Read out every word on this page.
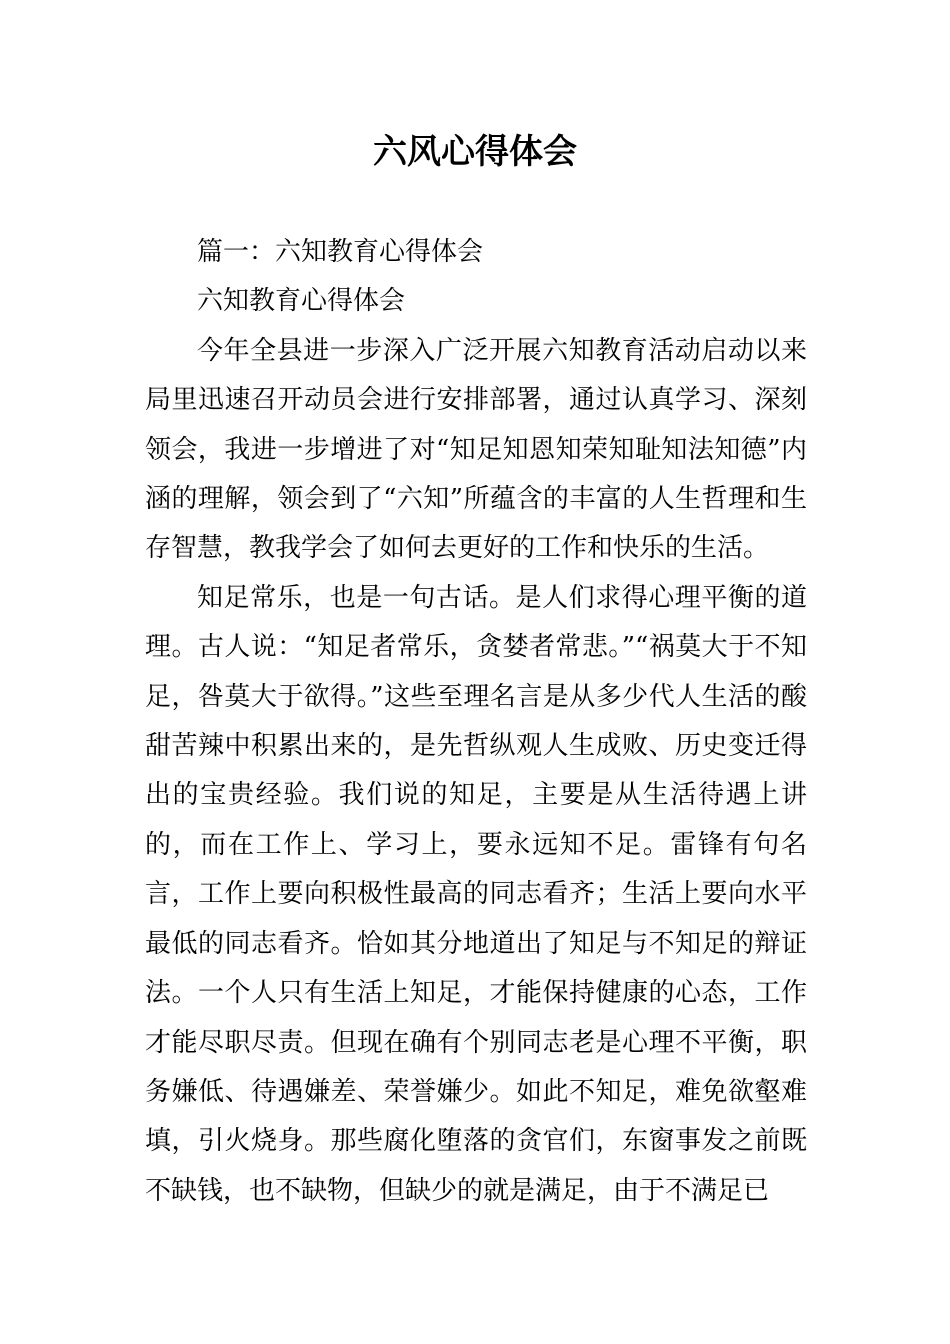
六风心得体会

篇一：六知教育心得体会

六知教育心得体会

今年全县进一步深入广泛开展六知教育活动启动以来局里迅速召开动员会进行安排部署，通过认真学习、深刻领会，我进一步增进了对“知足知恩知荣知耻知法知德”内涵的理解，领会到了“六知”所蕴含的丰富的人生哲理和生存智慧，教我学会了如何去更好的工作和快乐的生活。

知足常乐，也是一句古话。是人们求得心理平衡的道理。古人说：“知足者常乐，贪婪者常悲。”“祸莫大于不知足，咎莫大于欲得。”这些至理名言是从多少代人生活的酸甜苦辣中积累出来的，是先哲纵观人生成败、历史变迁得出的宝贵经验。我们说的知足，主要是从生活待遇上讲的，而在工作上、学习上，要永远知不足。雷锋有句名言，工作上要向积极性最高的同志看齐；生活上要向水平最低的同志看齐。恰如其分地道出了知足与不知足的辩证法。一个人只有生活上知足，才能保持健康的心态，工作才能尽职尽责。但现在确有个别同志老是心理不平衡，职务嫌低、待遇嫌差、荣誉嫌少。如此不知足，难免欲壑难填，引火烧身。那些腐化堕落的贪官们，东窗事发之前既不缺钱，也不缺物，但缺少的就是满足，由于不满足已
